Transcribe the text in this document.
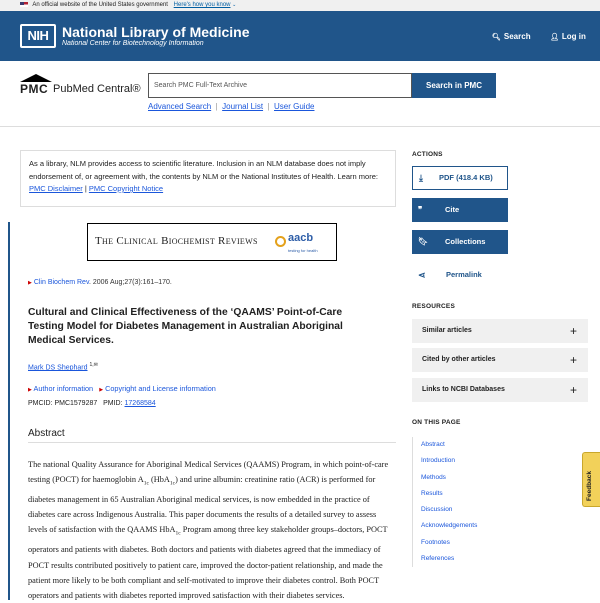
An official website of the United States government Here's how you know ⌄
NIH National Library of Medicine
National Center for Biotechnology Information
🔍︎ Search	👤︎ Log in
PMC PubMed Central®	Search PMC Full-Text Archive	Search in PMC
Advanced Search  |  Journal List  |  User Guide
As a library, NLM provides access to scientific literature. Inclusion in an NLM database does not imply endorsement of, or agreement with, the contents by NLM or the National Institutes of Health. Learn more: PMC Disclaimer | PMC Copyright Notice
The Clinical Biochemist Reviews	aacb
testing for health
▶ Clin Biochem Rev. 2006 Aug;27(3):161–170.
Cultural and Clinical Effectiveness of the ‘QAAMS’ Point-of-Care Testing Model for Diabetes Management in Australian Aboriginal Medical Services.
Mark DS Shephard $^{1,✉}$
▶ Author information ▶ Copyright and License information
PMCID: PMC1579287 PMID: 17268584
Abstract
The national Quality Assurance for Aboriginal Medical Services (QAAMS) Program, in which point-of-care testing (POCT) for haemoglobin $A_{1c}$ (HbA$_{1c}$) and urine albumin: creatinine ratio (ACR) is performed for diabetes management in 65 Australian Aboriginal medical services, is now embedded in the practice of diabetes care across Indigenous Australia. This paper documents the results of a detailed survey to assess levels of satisfaction with the QAAMS HbA$_{1c}$ Program among three key stakeholder groups–doctors, POCT operators and patients with diabetes. Both doctors and patients with diabetes agreed that the immediacy of POCT results contributed positively to patient care, improved the doctor-patient relationship, and made the patient more likely to be both compliant and self-motivated to improve their diabetes control. Both POCT operators and patients with diabetes reported improved satisfaction with their diabetes services.
ACTIONS
⤓ PDF (418.4 KB)
❞	Cite
🔖︎ Collections
⋖	Permalink
RESOURCES
Similar articles	+
Cited by other articles	+
Links to NCBI Databases	+
ON THIS PAGE
Abstract
Introduction
Methods
Results
Discussion
Acknowledgements
Footnotes
References
Feedback
